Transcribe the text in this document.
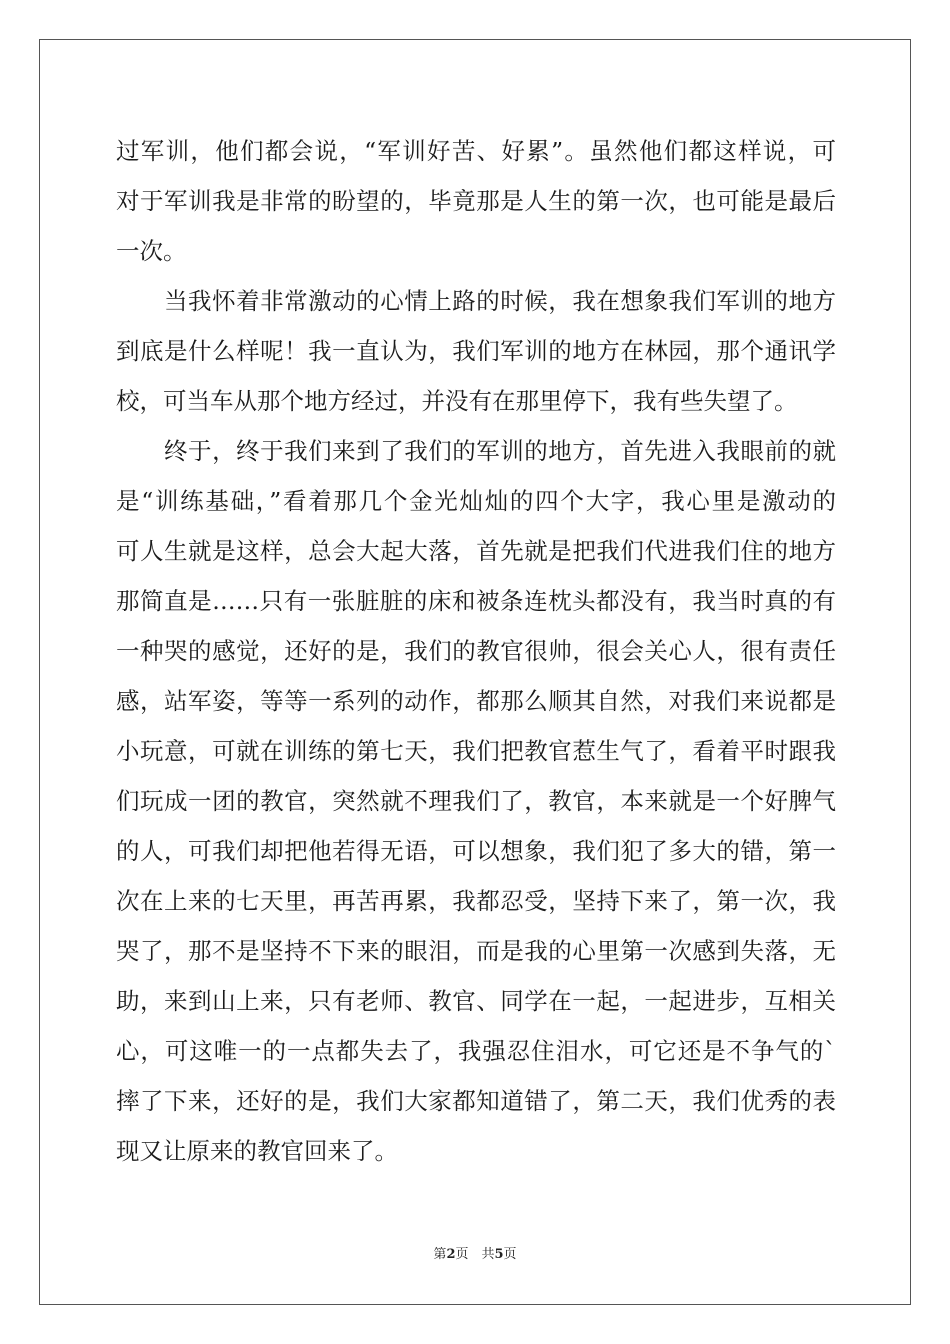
过军训，他们都会说，“军训好苦、好累”。虽然他们都这样说，可

对于军训我是非常的盼望的，毕竟那是人生的第一次，也可能是最后

一次。

　　当我怀着非常激动的心情上路的时候，我在想象我们军训的地方

到底是什么样呢！我一直认为，我们军训的地方在林园，那个通讯学

校，可当车从那个地方经过，并没有在那里停下，我有些失望了。

　　终于，终于我们来到了我们的军训的地方，首先进入我眼前的就

是“训练基础，”看着那几个金光灿灿的四个大字，我心里是激动的

可人生就是这样，总会大起大落，首先就是把我们代进我们住的地方

那简直是……只有一张脏脏的床和被条连枕头都没有，我当时真的有

一种哭的感觉，还好的是，我们的教官很帅，很会关心人，很有责任

感，站军姿，等等一系列的动作，都那么顺其自然，对我们来说都是

小玩意，可就在训练的第七天，我们把教官惹生气了，看着平时跟我

们玩成一团的教官，突然就不理我们了，教官，本来就是一个好脾气

的人，可我们却把他若得无语，可以想象，我们犯了多大的错，第一

次在上来的七天里，再苦再累，我都忍受，坚持下来了，第一次，我

哭了，那不是坚持不下来的眼泪，而是我的心里第一次感到失落，无

助，来到山上来，只有老师、教官、同学在一起，一起进步，互相关

心，可这唯一的一点都失去了，我强忍住泪水，可它还是不争气的`

摔了下来，还好的是，我们大家都知道错了，第二天，我们优秀的表

现又让原来的教官回来了。

第2页　共5页
